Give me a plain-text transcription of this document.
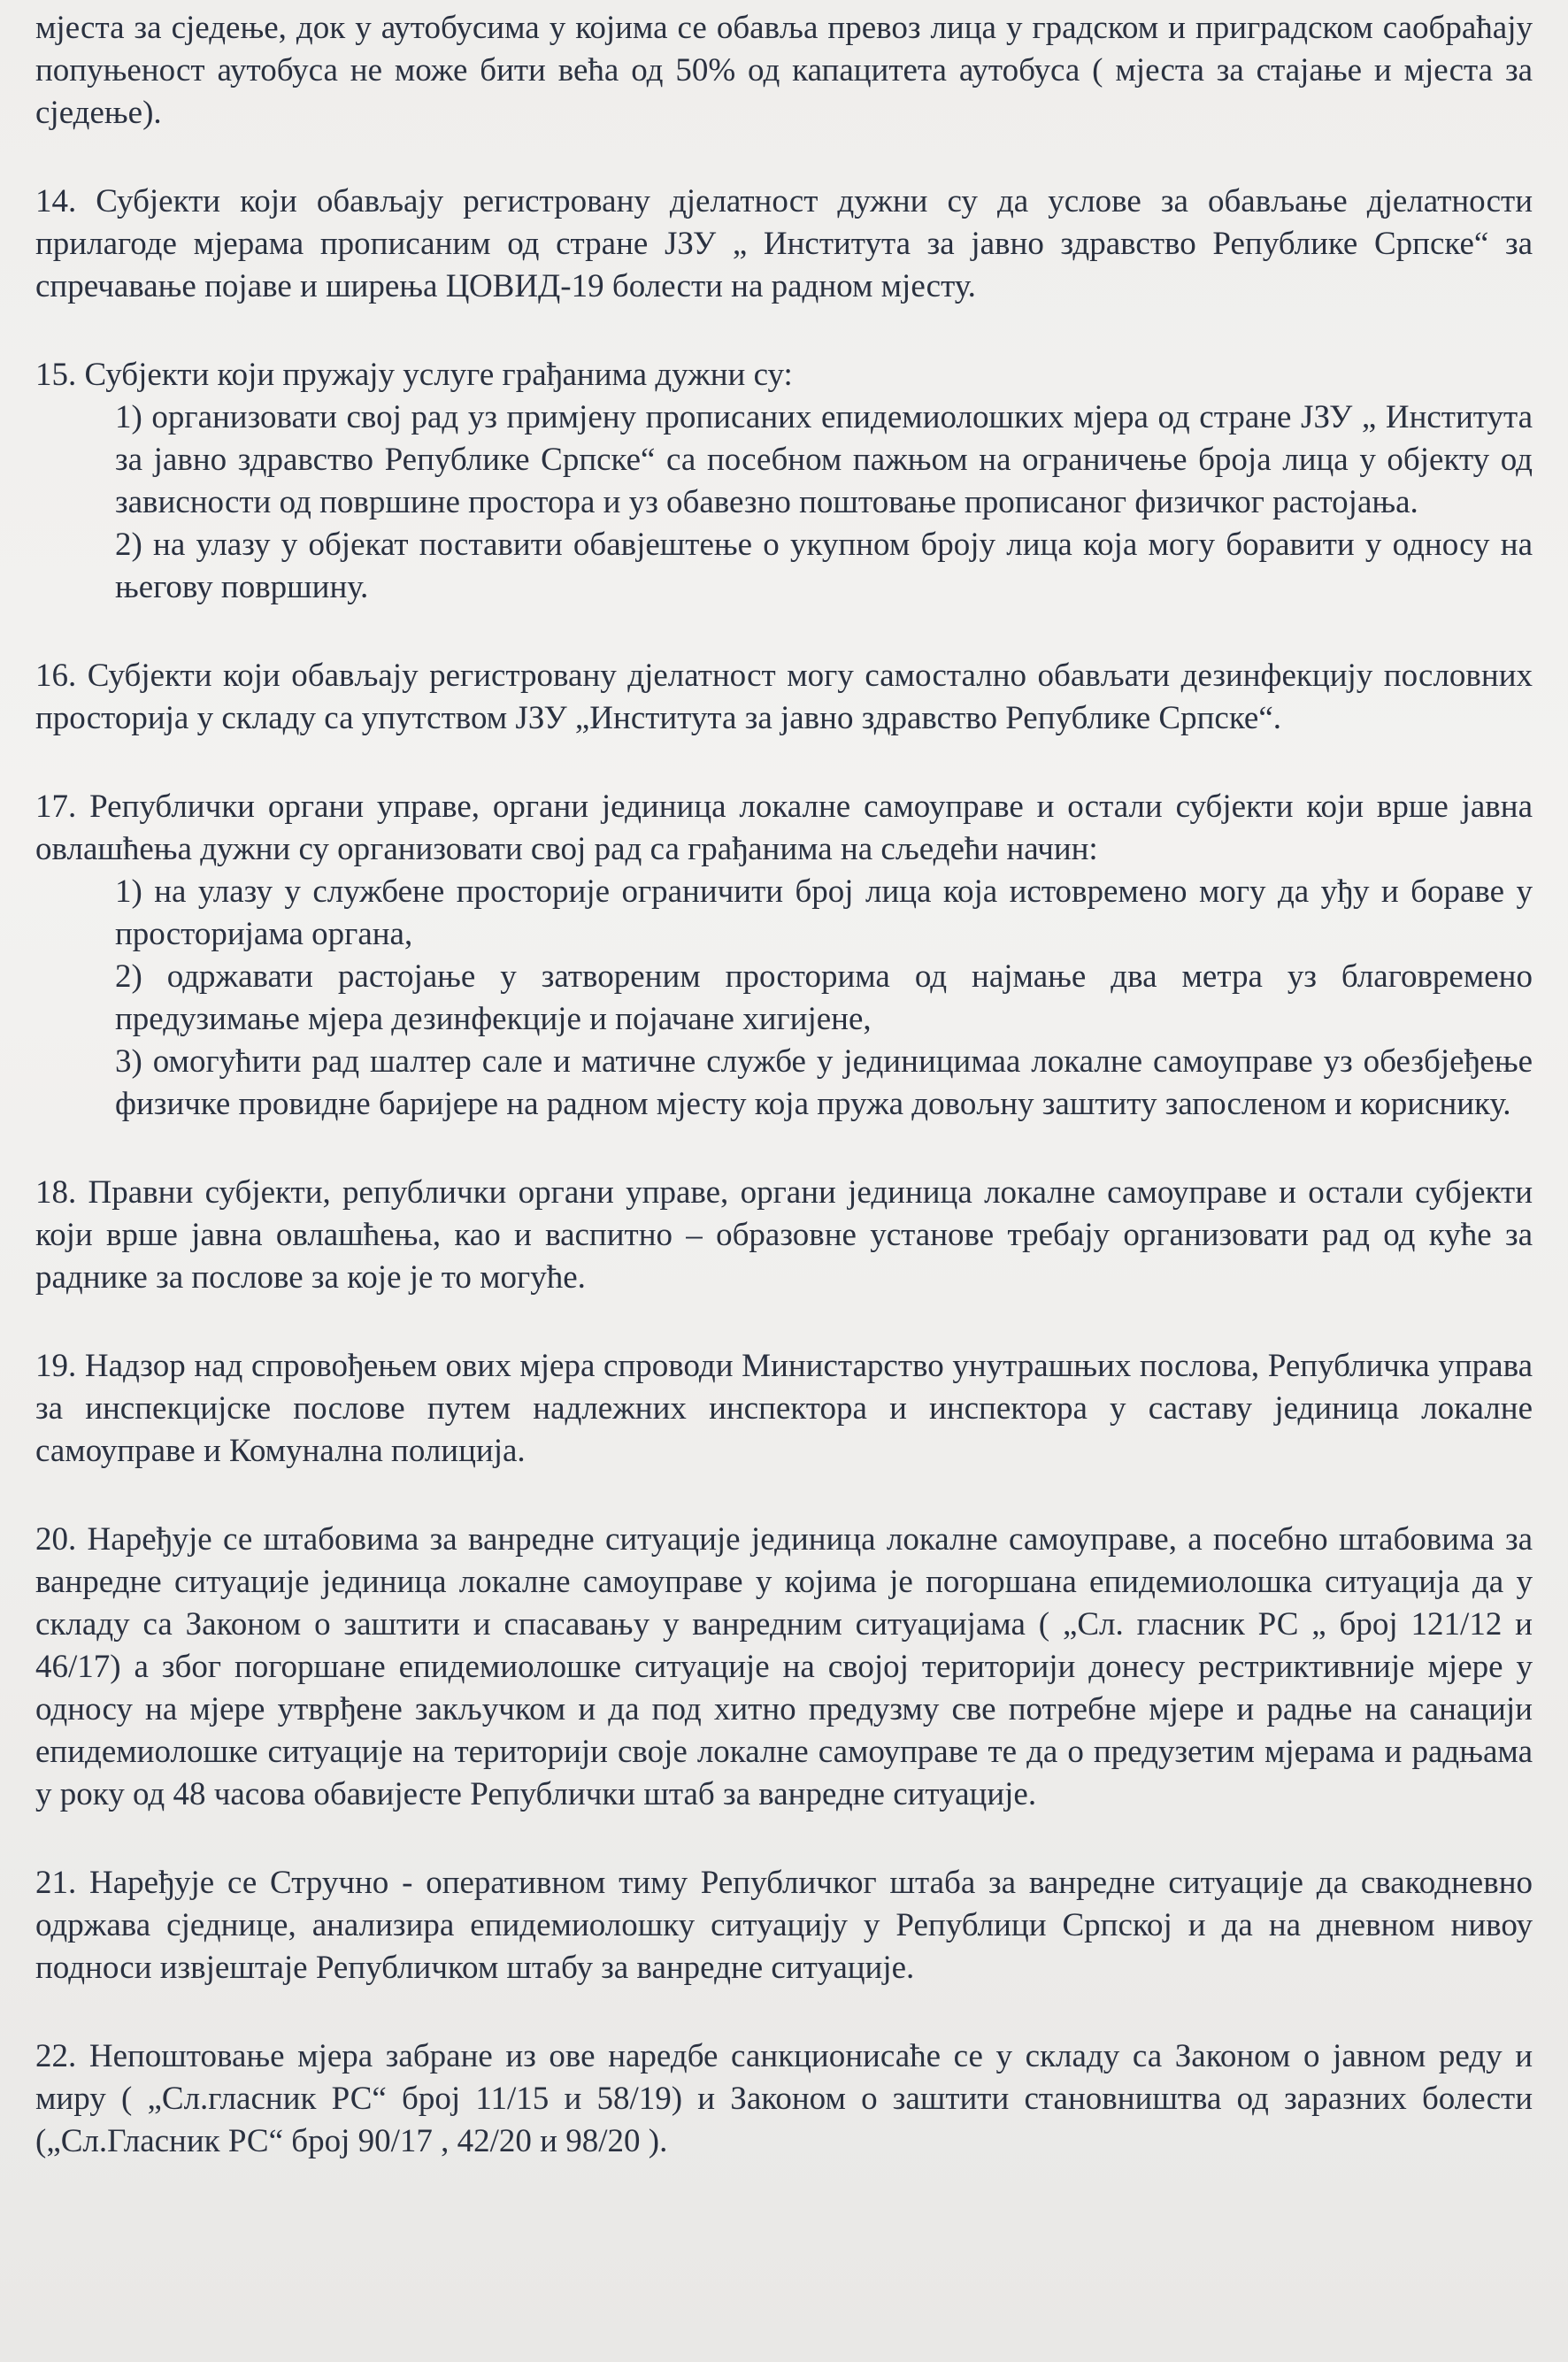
мјеста за сједење, док у аутобусима у којима се обавља превоз лица у градском и приградском саобраћају попуњеност аутобуса не може бити већа од 50% од капацитета аутобуса ( мјеста за стајање и мјеста за сједење).

14. Субјекти који обављају регистровану дјелатност дужни су да услове за обављање дјелатности прилагоде мјерама прописаним од стране ЈЗУ „ Института за јавно здравство Републике Српске“ за спречавање појаве и ширења ЦОВИД-19 болести на радном мјесту.

15. Субјекти који пружају услуге грађанима дужни су:

1) организовати свој рад уз примјену прописаних епидемиолошких мјера од стране ЈЗУ „ Института за јавно здравство Републике Српске“ са посебном пажњом на ограничење броја лица у објекту од зависности од површине простора и уз обавезно поштовање прописаног физичког растојања.

2) на улазу у објекат поставити обавјештење о укупном броју лица која могу боравити у односу на његову површину.

16. Субјекти који обављају регистровану дјелатност могу самостално обављати дезинфекцију пословних просторија у складу са упутством ЈЗУ „Института за јавно здравство Републике Српске“.

17. Републички органи управе, органи јединица локалне самоуправе и остали субјекти који врше јавна овлашћења дужни су организовати свој рад са грађанима на сљедећи начин:

1) на улазу у службене просторије ограничити број лица која истовремено могу да уђу и бораве у просторијама органа,

2) одржавати растојање у затвореним просторима од најмање два метра уз благовремено предузимање мјера дезинфекције и појачане хигијене,

3) омогућити рад шалтер сале и матичне службе у јединицимаа локалне самоуправе уз обезбјеђење физичке провидне баријере на радном мјесту која пружа довољну заштиту запосленом и кориснику.

18. Правни субјекти, републички органи управе, органи јединица локалне самоуправе и остали субјекти који врше јавна овлашћења, као и васпитно – образовне установе требају организовати рад од куће за раднике за послове за које је то могуће.

19. Надзор над спровођењем ових мјера спроводи Министарство унутрашњих послова, Републичка управа за инспекцијске послове путем надлежних инспектора и инспектора у саставу јединица локалне самоуправе и Комунална полиција.

20. Наређује се штабовима за ванредне ситуације јединица локалне самоуправе, а посебно штабовима за ванредне ситуације јединица локалне самоуправе у којима је погоршана епидемиолошка ситуација да у складу са Законом о заштити и спасавању у ванредним ситуацијама ( „Сл. гласник РС „ број 121/12 и 46/17) а због погоршане епидемиолошке ситуације на својој територији донесу рестриктивније мјере у односу на мјере утврђене закључком и да под хитно предузму све потребне мјере и радње на санацији епидемиолошке ситуације на територији своје локалне самоуправе те да о предузетим мјерама и радњама у року од 48 часова обавијесте Републички штаб за ванредне ситуације.

21. Наређује се Стручно - оперативном тиму Републичког штаба за ванредне ситуације да свакодневно одржава сједнице, анализира епидемиолошку ситуацију у Републици Српској и да на дневном нивоу подноси извјештаје Републичком штабу за ванредне ситуације.

22. Непоштовање мјера забране из ове наредбе санкционисаће се у складу са Законом о јавном реду и миру ( „Сл.гласник РС“ број 11/15 и 58/19) и Законом о заштити становништва од заразних болести („Сл.Гласник РС“ број 90/17 , 42/20 и 98/20 ).
